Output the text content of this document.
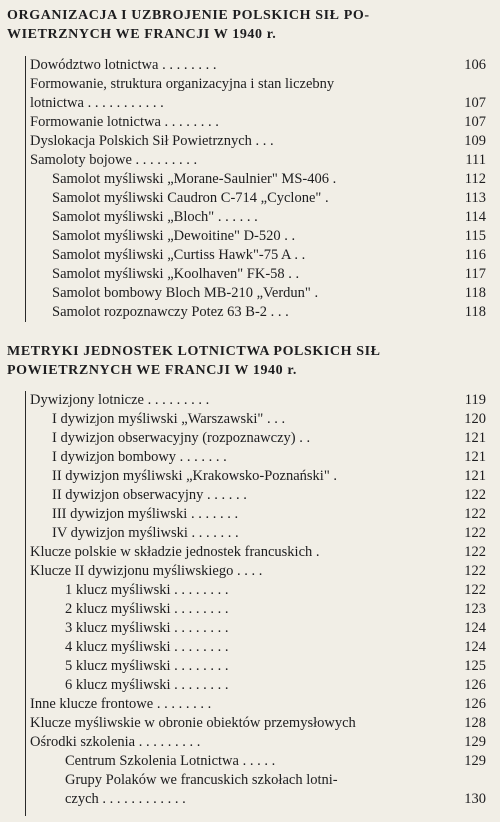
ORGANIZACJA I UZBROJENIE POLSKICH SIŁ PO-
WIETRZNYCH WE FRANCJI W 1940 r.
Dowództwo lotnictwa . . . . . . . .	106
Formowanie, struktura organizacyjna i stan liczebny
lotnictwa . . . . . . . . . . .	107
Formowanie lotnictwa . . . . . . . .	107
Dyslokacja Polskich Sił Powietrznych . . .	109
Samoloty bojowe . . . . . . . . .	111
Samolot myśliwski „Morane-Saulnier" MS-406 .	112
Samolot myśliwski Caudron C-714 „Cyclone" .	113
Samolot myśliwski „Bloch" . . . . . .	114
Samolot myśliwski „Dewoitine" D-520 . .	115
Samolot myśliwski „Curtiss Hawk"-75 A . .	116
Samolot myśliwski „Koolhaven" FK-58 . .	117
Samolot bombowy Bloch MB-210 „Verdun" .	118
Samolot rozpoznawczy Potez 63 B-2 . . .	118
METRYKI JEDNOSTEK LOTNICTWA POLSKICH SIŁ
POWIETRZNYCH WE FRANCJI W 1940 r.
Dywizjony lotnicze . . . . . . . . .	119
I dywizjon myśliwski „Warszawski" . . .	120
I dywizjon obserwacyjny (rozpoznawczy) . .	121
I dywizjon bombowy . . . . . . .	121
II dywizjon myśliwski „Krakowsko-Poznański" .	121
II dywizjon obserwacyjny . . . . . .	122
III dywizjon myśliwski . . . . . . .	122
IV dywizjon myśliwski . . . . . . .	122
Klucze polskie w składzie jednostek francuskich .	122
Klucze II dywizjonu myśliwskiego . . . .	122
1 klucz myśliwski . . . . . . . .	122
2 klucz myśliwski . . . . . . . .	123
3 klucz myśliwski . . . . . . . .	124
4 klucz myśliwski . . . . . . . .	124
5 klucz myśliwski . . . . . . . .	125
6 klucz myśliwski . . . . . . . .	126
Inne klucze frontowe . . . . . . . .	126
Klucze myśliwskie w obronie obiektów przemysłowych	128
Ośrodki szkolenia . . . . . . . . .	129
Centrum Szkolenia Lotnictwa . . . . .	129
Grupy Polaków we francuskich szkołach lotni-
czych . . . . . . . . . . . .	130
